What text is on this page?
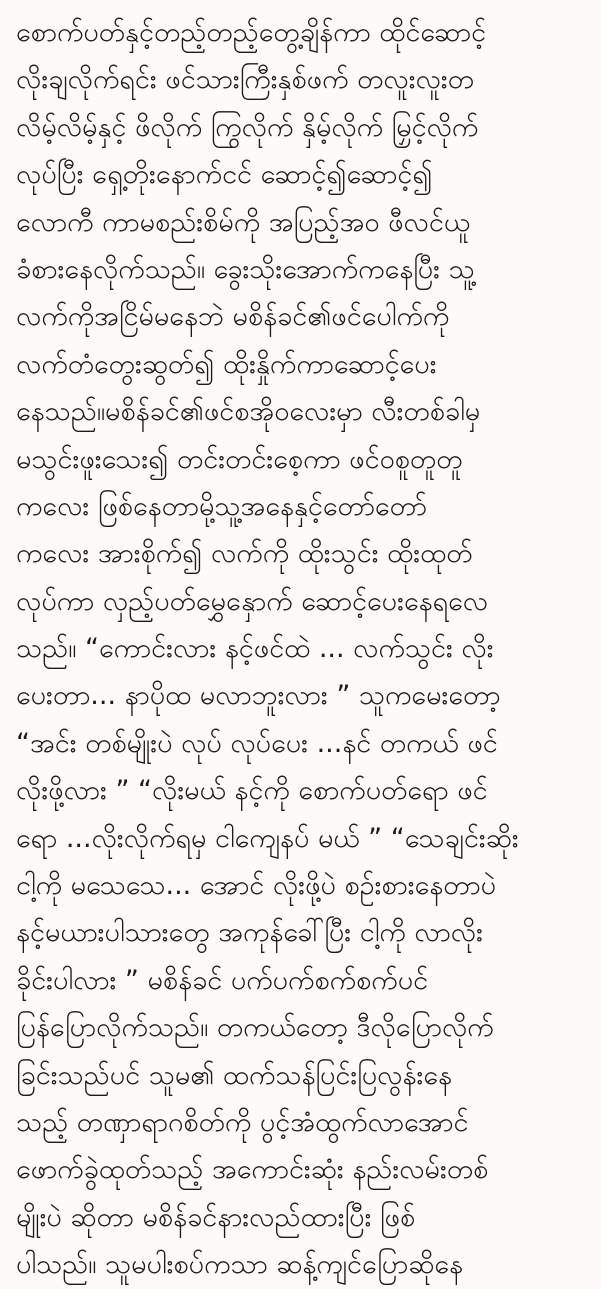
စောက်ပတ်နှင့်တည့်တည့်တွေ့ချိန်ကာ ထိုင်ဆောင့်
လိုးချလိုက်ရင်း ဖင်သားကြီးနှစ်ဖက် တလူးလူးတ
လိမ့်လိမ့်နှင့် ဖိလိုက် ကြွလိုက် နှိမ့်လိုက် မြှင့်လိုက်
လုပ်ပြီး ရှေ့တိုးနောက်ငင် ဆောင့်၍ဆောင့်၍
လောကီ ကာမစည်းစိမ်ကို အပြည့်အဝ ဖီလင်ယူ
ခံစားနေလိုက်သည်။ ခွေးသိုးအောက်ကနေပြီး သူ့
လက်ကိုအငြိမ်မနေဘဲ မစိန်ခင်၏ဖင်ပေါက်ကို
လက်တံတွေးဆွတ်၍ ထိုးနှိုက်ကာဆောင့်ပေး
နေသည်။မစိန်ခင်၏ဖင်စအိုဝလေးမှာ လီးတစ်ခါမှ
မသွင်းဖူးသေး၍ တင်းတင်းစေ့ကာ ဖင်ဝစူတူတူ
ကလေး ဖြစ်နေတာမို့သူ့အနေနှင့်တော်တော်
ကလေး အားစိုက်၍ လက်ကို ထိုးသွင်း ထိုးထုတ်
လုပ်ကာ လှည့်ပတ်မွှေနှောက် ဆောင့်ပေးနေရလေ
သည်။ “ကောင်းလား နင့်ဖင်ထဲ ... လက်သွင်း လိုး
ပေးတာ... နာပိုထ မလာဘူးလား ” သူကမေးတော့
“အင်း တစ်မျိုးပဲ လုပ် လုပ်ပေး ...နင် တကယ် ဖင်
လိုးဖို့လား ” “လိုးမယ် နင့်ကို စောက်ပတ်ရော ဖင်
ရော ...လိုးလိုက်ရမှ ငါကျေနပ် မယ် ” “သေချင်းဆိုး
ငါ့ကို မသေသေ... အောင် လိုးဖို့ပဲ စဉ်းစားနေတာပဲ
နင့်မယားပါသားတွေ အကုန်ခေါ်ပြီး ငါ့ကို လာလိုး
ခိုင်းပါလား ” မစိန်ခင် ပက်ပက်စက်စက်ပင်
ပြန်ပြောလိုက်သည်။ တကယ်တော့ ဒီလိုပြောလိုက်
ခြင်းသည်ပင် သူမ၏ ထက်သန်ပြင်းပြလွန်းနေ
သည့် တဏှာရာဂစိတ်ကို ပွင့်အံထွက်လာအောင်
ဖောက်ခွဲထုတ်သည့် အကောင်းဆုံး နည်းလမ်းတစ်
မျိုးပဲ ဆိုတာ မစိန်ခင်နားလည်ထားပြီး ဖြစ်
ပါသည်။ သူမပါးစပ်ကသာ ဆန့်ကျင်ပြောဆိုနေ
